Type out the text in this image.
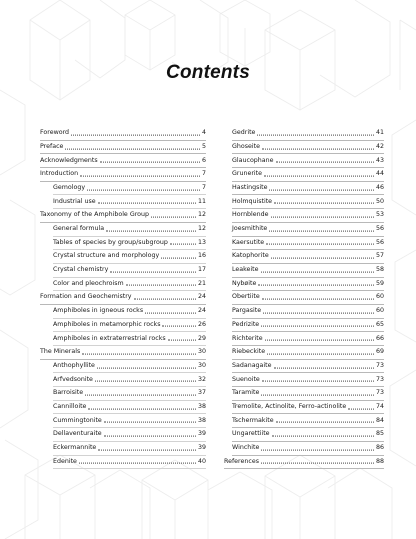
Contents
Foreword	4
Preface	5
Acknowledgments	6
Introduction	7
Gemology	7
Industrial use	11
Taxonomy of the Amphibole Group	12
General formula	12
Tables of species by group/subgroup	13
Crystal structure and morphology	16
Crystal chemistry	17
Color and pleochroism	21
Formation and Geochemistry	24
Amphiboles in igneous rocks	24
Amphiboles in metamorphic rocks	26
Amphiboles in extraterrestrial rocks	29
The Minerals	30
Anthophyllite	30
Arfvedsonite	32
Barroisite	37
Cannilloite	38
Cummingtonite	38
Dellaventuraite	39
Eckermannite	39
Edenite	40
Gedrite	41
Ghoseite	42
Glaucophane	43
Grunerite	44
Hastingsite	46
Holmquistite	50
Hornblende	53
Joesmithite	56
Kaersutite	56
Katophorite	57
Leakeite	58
Nybøite	59
Obertiite	60
Pargasite	60
Pedrizite	65
Richterite	66
Riebeckite	69
Sadanagaite	73
Suenoite	73
Taramite	73
Tremolite, Actinolite, Ferro-actinolite	74
Tschermakite	84
Ungarettiite	85
Winchite	86
References	88
